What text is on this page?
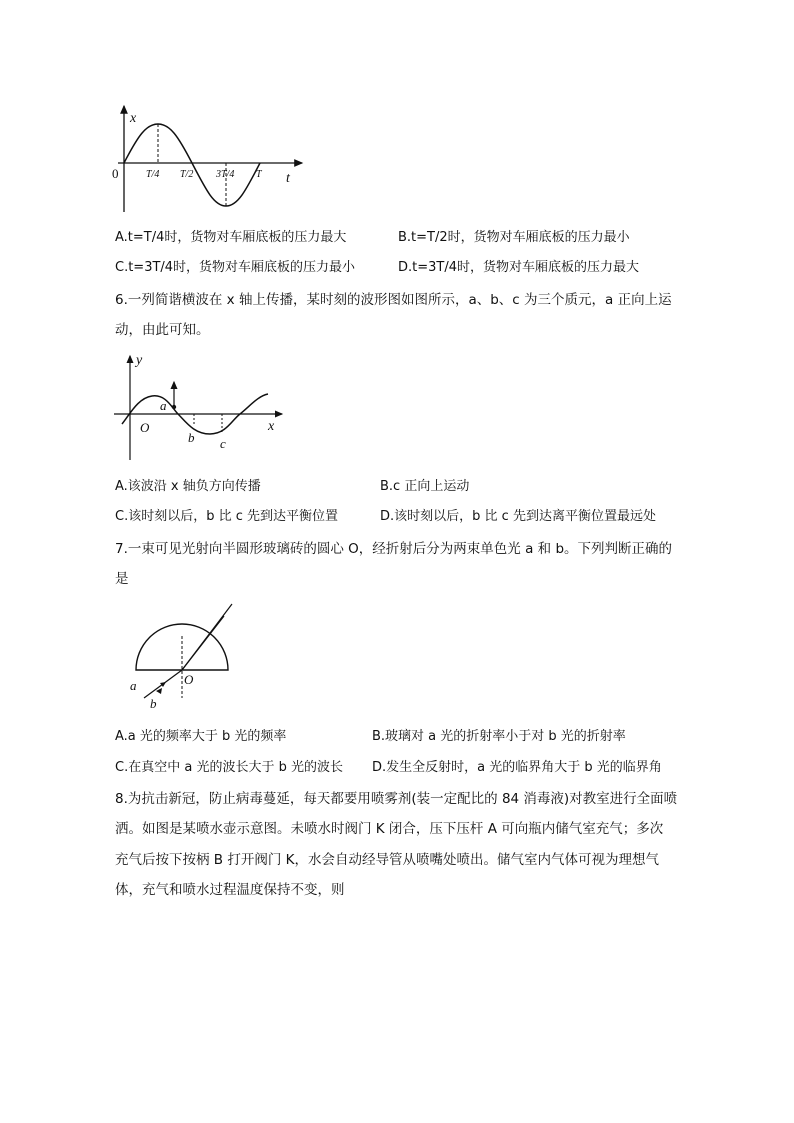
x
t
0	T/4 T/2 3T/4 T
A.t=T/4时，货物对车厢底板的压力最大	B.t=T/2时，货物对车厢底板的压力最小
C.t=3T/4时，货物对车厢底板的压力最小	D.t=3T/4时，货物对车厢底板的压力最大
6.一列简谐横波在 x 轴上传播，某时刻的波形图如图所示，a、b、c 为三个质元，a 正向上运
动，由此可知。
y
x
O
a
b c
A.该波沿 x 轴负方向传播	B.c 正向上运动
C.该时刻以后，b 比 c 先到达平衡位置	D.该时刻以后，b 比 c 先到达离平衡位置最远处
7.一束可见光射向半圆形玻璃砖的圆心 O，经折射后分为两束单色光 a 和 b。下列判断正确的
是
a
b
O
A.a 光的频率大于 b 光的频率	B.玻璃对 a 光的折射率小于对 b 光的折射率
C.在真空中 a 光的波长大于 b 光的波长 D.发生全反射时，a 光的临界角大于 b 光的临界角
8.为抗击新冠，防止病毒蔓延，每天都要用喷雾剂(装一定配比的 84 消毒液)对教室进行全面喷
洒。如图是某喷水壶示意图。未喷水时阀门 K 闭合，压下压杆 A 可向瓶内储气室充气；多次
充气后按下按柄 B 打开阀门 K，水会自动经导管从喷嘴处喷出。储气室内气体可视为理想气
体，充气和喷水过程温度保持不变，则
